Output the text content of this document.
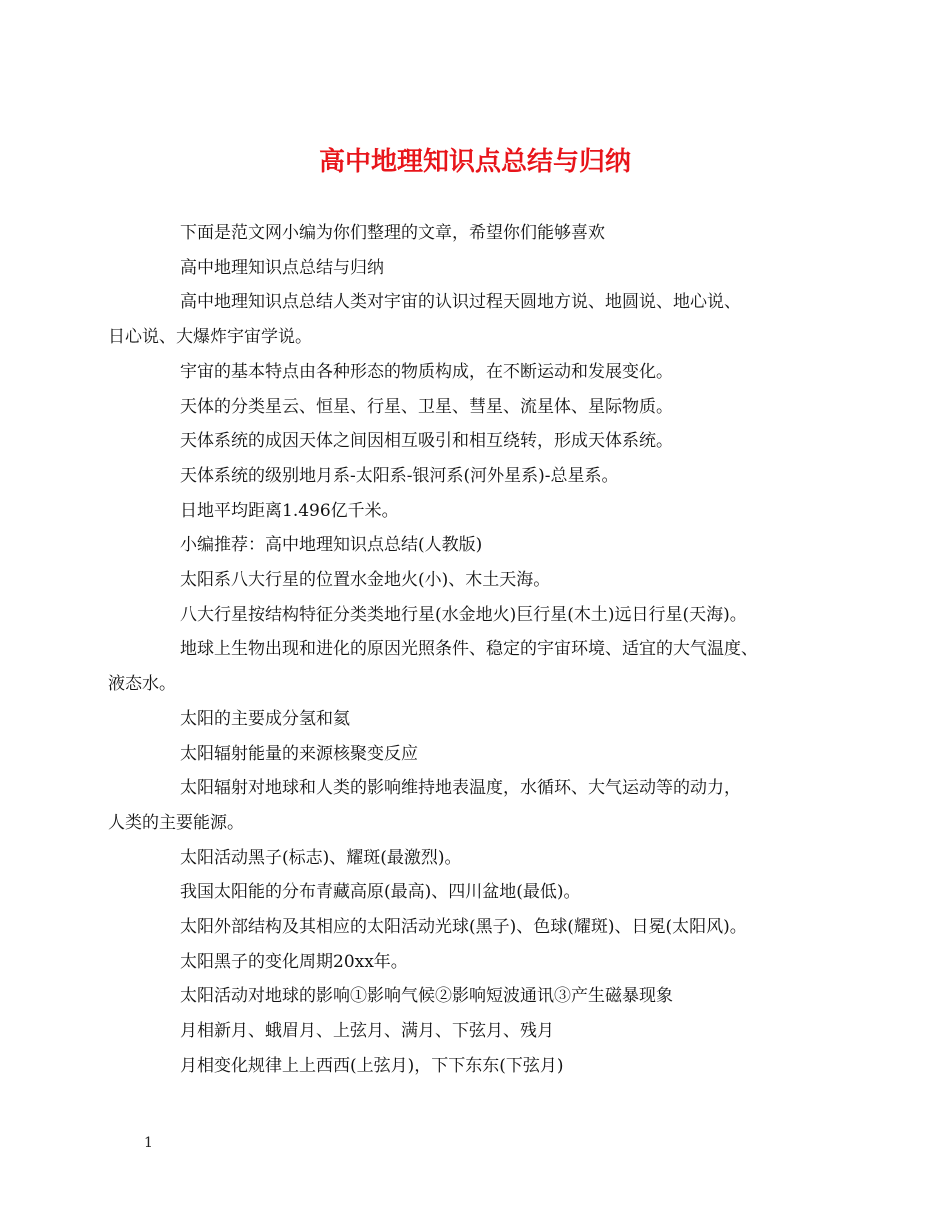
高中地理知识点总结与归纳

下面是范文网小编为你们整理的文章，希望你们能够喜欢

高中地理知识点总结与归纳

高中地理知识点总结人类对宇宙的认识过程天圆地方说、地圆说、地心说、
日心说、大爆炸宇宙学说。

宇宙的基本特点由各种形态的物质构成，在不断运动和发展变化。

天体的分类星云、恒星、行星、卫星、彗星、流星体、星际物质。

天体系统的成因天体之间因相互吸引和相互绕转，形成天体系统。

天体系统的级别地月系-太阳系-银河系(河外星系)-总星系。

日地平均距离1.496亿千米。

小编推荐：高中地理知识点总结(人教版)

太阳系八大行星的位置水金地火(小)、木土天海。

八大行星按结构特征分类类地行星(水金地火)巨行星(木土)远日行星(天海)。

地球上生物出现和进化的原因光照条件、稳定的宇宙环境、适宜的大气温度、
液态水。

太阳的主要成分氢和氦

太阳辐射能量的来源核聚变反应

太阳辐射对地球和人类的影响维持地表温度，水循环、大气运动等的动力，
人类的主要能源。

太阳活动黑子(标志)、耀斑(最激烈)。

我国太阳能的分布青藏高原(最高)、四川盆地(最低)。

太阳外部结构及其相应的太阳活动光球(黑子)、色球(耀斑)、日冕(太阳风)。

太阳黑子的变化周期20xx年。

太阳活动对地球的影响①影响气候②影响短波通讯③产生磁暴现象

月相新月、蛾眉月、上弦月、满月、下弦月、残月

月相变化规律上上西西(上弦月)，下下东东(下弦月)

1
